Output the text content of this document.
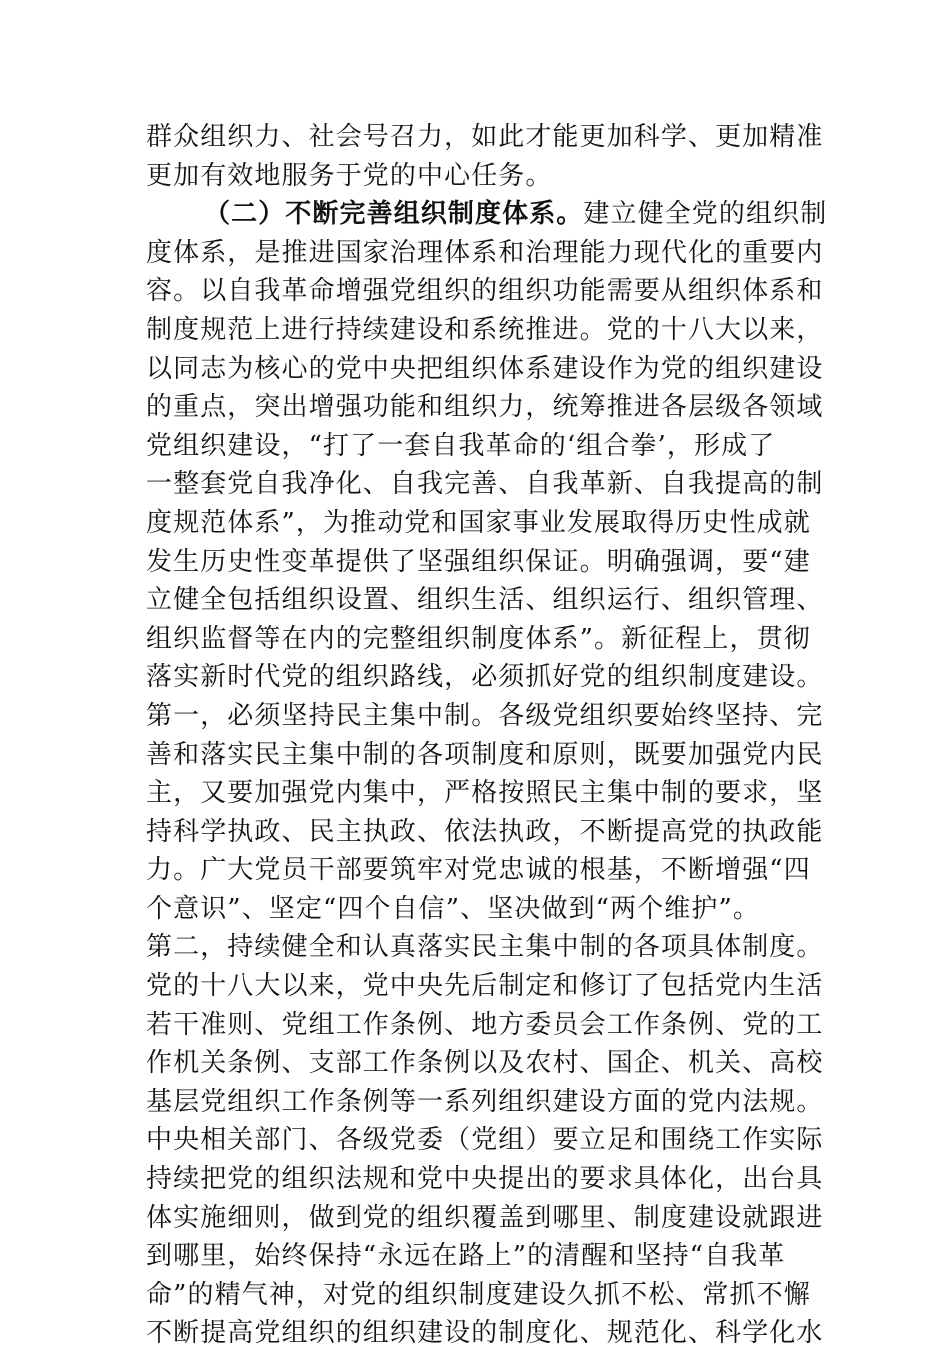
群众组织力、社会号召力，如此才能更加科学、更加精准
更加有效地服务于党的中心任务。
（二）不断完善组织制度体系。建立健全党的组织制
度体系，是推进国家治理体系和治理能力现代化的重要内
容。以自我革命增强党组织的组织功能需要从组织体系和
制度规范上进行持续建设和系统推进。党的十八大以来，
以同志为核心的党中央把组织体系建设作为党的组织建设
的重点，突出增强功能和组织力，统筹推进各层级各领域
党组织建设，“打了一套自我革命的‘组合拳’，形成了
一整套党自我净化、自我完善、自我革新、自我提高的制
度规范体系”，为推动党和国家事业发展取得历史性成就
发生历史性变革提供了坚强组织保证。明确强调，要“建
立健全包括组织设置、组织生活、组织运行、组织管理、
组织监督等在内的完整组织制度体系”。新征程上，贯彻
落实新时代党的组织路线，必须抓好党的组织制度建设。
第一，必须坚持民主集中制。各级党组织要始终坚持、完
善和落实民主集中制的各项制度和原则，既要加强党内民
主，又要加强党内集中，严格按照民主集中制的要求，坚
持科学执政、民主执政、依法执政，不断提高党的执政能
力。广大党员干部要筑牢对党忠诚的根基，不断增强“四
个意识”、坚定“四个自信”、坚决做到“两个维护”。
第二，持续健全和认真落实民主集中制的各项具体制度。
党的十八大以来，党中央先后制定和修订了包括党内生活
若干准则、党组工作条例、地方委员会工作条例、党的工
作机关条例、支部工作条例以及农村、国企、机关、高校
基层党组织工作条例等一系列组织建设方面的党内法规。
中央相关部门、各级党委（党组）要立足和围绕工作实际
持续把党的组织法规和党中央提出的要求具体化，出台具
体实施细则，做到党的组织覆盖到哪里、制度建设就跟进
到哪里，始终保持“永远在路上”的清醒和坚持“自我革
命”的精气神，对党的组织制度建设久抓不松、常抓不懈
不断提高党组织的组织建设的制度化、规范化、科学化水
